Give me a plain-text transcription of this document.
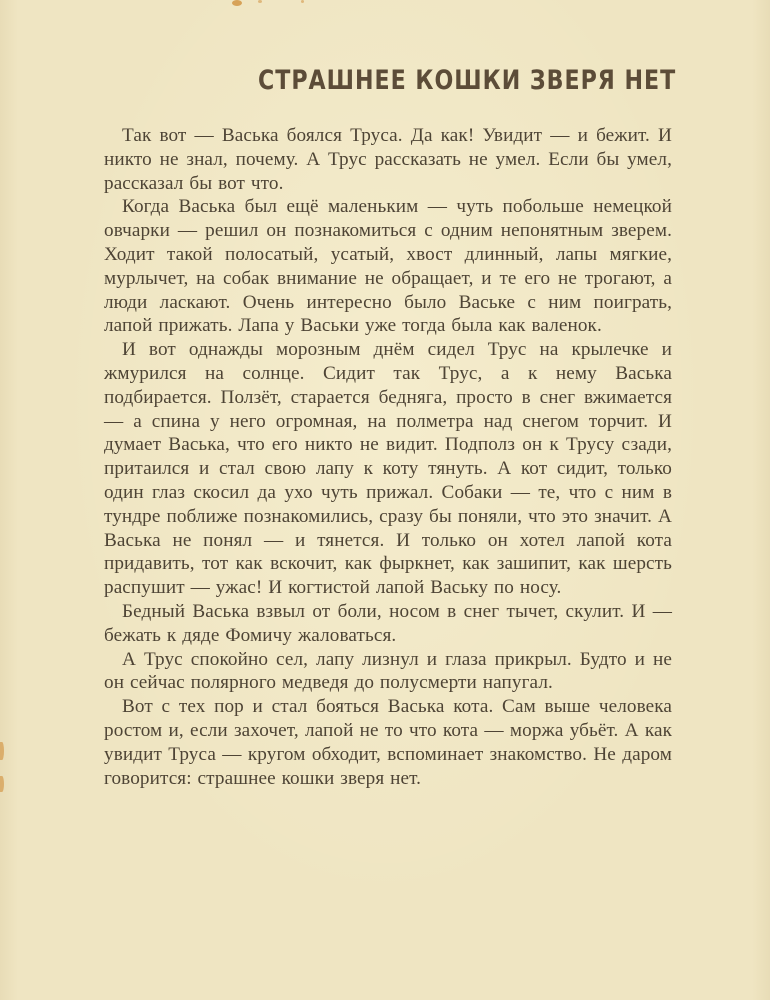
СТРАШНЕЕ КОШКИ ЗВЕРЯ НЕТ

Так вот — Васька боялся Труса. Да как! Увидит — и бежит. И никто не знал, почему. А Трус рассказать не умел. Если бы умел, рассказал бы вот что.

Когда Васька был ещё маленьким — чуть побольше немецкой овчарки — решил он познакомиться с одним непонятным зверем. Ходит такой полосатый, усатый, хвост длинный, лапы мягкие, мурлычет, на собак внимание не обращает, и те его не трогают, а люди ласкают. Очень интересно было Ваське с ним поиграть, лапой прижать. Лапа у Васьки уже тогда была как валенок.

И вот однажды морозным днём сидел Трус на крылечке и жмурился на солнце. Сидит так Трус, а к нему Васька подбирается. Ползёт, старается бедняга, просто в снег вжимается — а спина у него огромная, на полметра над снегом торчит. И думает Васька, что его никто не видит. Подполз он к Трусу сзади, притаился и стал свою лапу к коту тянуть. А кот сидит, только один глаз скосил да ухо чуть прижал. Собаки — те, что с ним в тундре поближе познакомились, сразу бы поняли, что это значит. А Васька не понял — и тянется. И только он хотел лапой кота придавить, тот как вскочит, как фыркнет, как зашипит, как шерсть распушит — ужас! И когтистой лапой Ваську по носу.

Бедный Васька взвыл от боли, носом в снег тычет, скулит. И — бежать к дяде Фомичу жаловаться.

А Трус спокойно сел, лапу лизнул и глаза прикрыл. Будто и не он сейчас полярного медведя до полусмерти напугал.

Вот с тех пор и стал бояться Васька кота. Сам выше человека ростом и, если захочет, лапой не то что кота — моржа убьёт. А как увидит Труса — кругом обходит, вспоминает знакомство. Не даром говорится: страшнее кошки зверя нет.
